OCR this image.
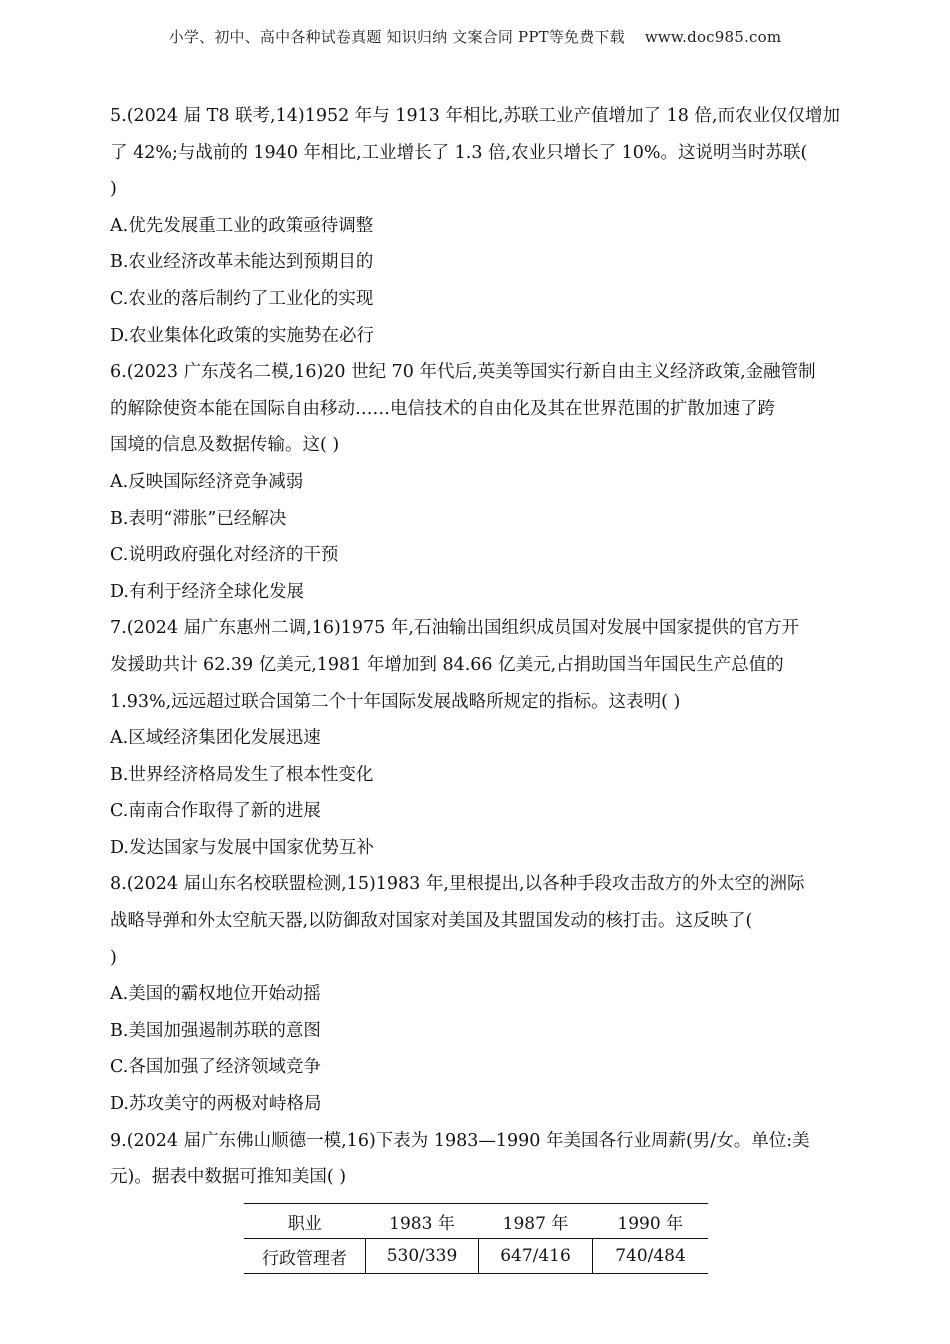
小学、初中、高中各种试卷真题 知识归纳 文案合同 PPT等免费下载 www.doc985.com
5.(2024 届 T8 联考,14)1952 年与 1913 年相比,苏联工业产值增加了 18 倍,而农业仅仅增加
了 42%;与战前的 1940 年相比,工业增长了 1.3 倍,农业只增长了 10%。这说明当时苏联(
)
A.优先发展重工业的政策亟待调整
B.农业经济改革未能达到预期目的
C.农业的落后制约了工业化的实现
D.农业集体化政策的实施势在必行
6.(2023 广东茂名二模,16)20 世纪 70 年代后,英美等国实行新自由主义经济政策,金融管制
的解除使资本能在国际自由移动……电信技术的自由化及其在世界范围的扩散加速了跨
国境的信息及数据传输。这( )
A.反映国际经济竞争减弱
B.表明“滞胀”已经解决
C.说明政府强化对经济的干预
D.有利于经济全球化发展
7.(2024 届广东惠州二调,16)1975 年,石油输出国组织成员国对发展中国家提供的官方开
发援助共计 62.39 亿美元,1981 年增加到 84.66 亿美元,占捐助国当年国民生产总值的
1.93%,远远超过联合国第二个十年国际发展战略所规定的指标。这表明( )
A.区域经济集团化发展迅速
B.世界经济格局发生了根本性变化
C.南南合作取得了新的进展
D.发达国家与发展中国家优势互补
8.(2024 届山东名校联盟检测,15)1983 年,里根提出,以各种手段攻击敌方的外太空的洲际
战略导弹和外太空航天器,以防御敌对国家对美国及其盟国发动的核打击。这反映了(
)
A.美国的霸权地位开始动摇
B.美国加强遏制苏联的意图
C.各国加强了经济领域竞争
D.苏攻美守的两极对峙格局
9.(2024 届广东佛山顺德一模,16)下表为 1983—1990 年美国各行业周薪(男/女。单位:美
元)。据表中数据可推知美国( )
职业	1983 年	1987 年	1990 年
行政管理者	530/339	647/416	740/484
